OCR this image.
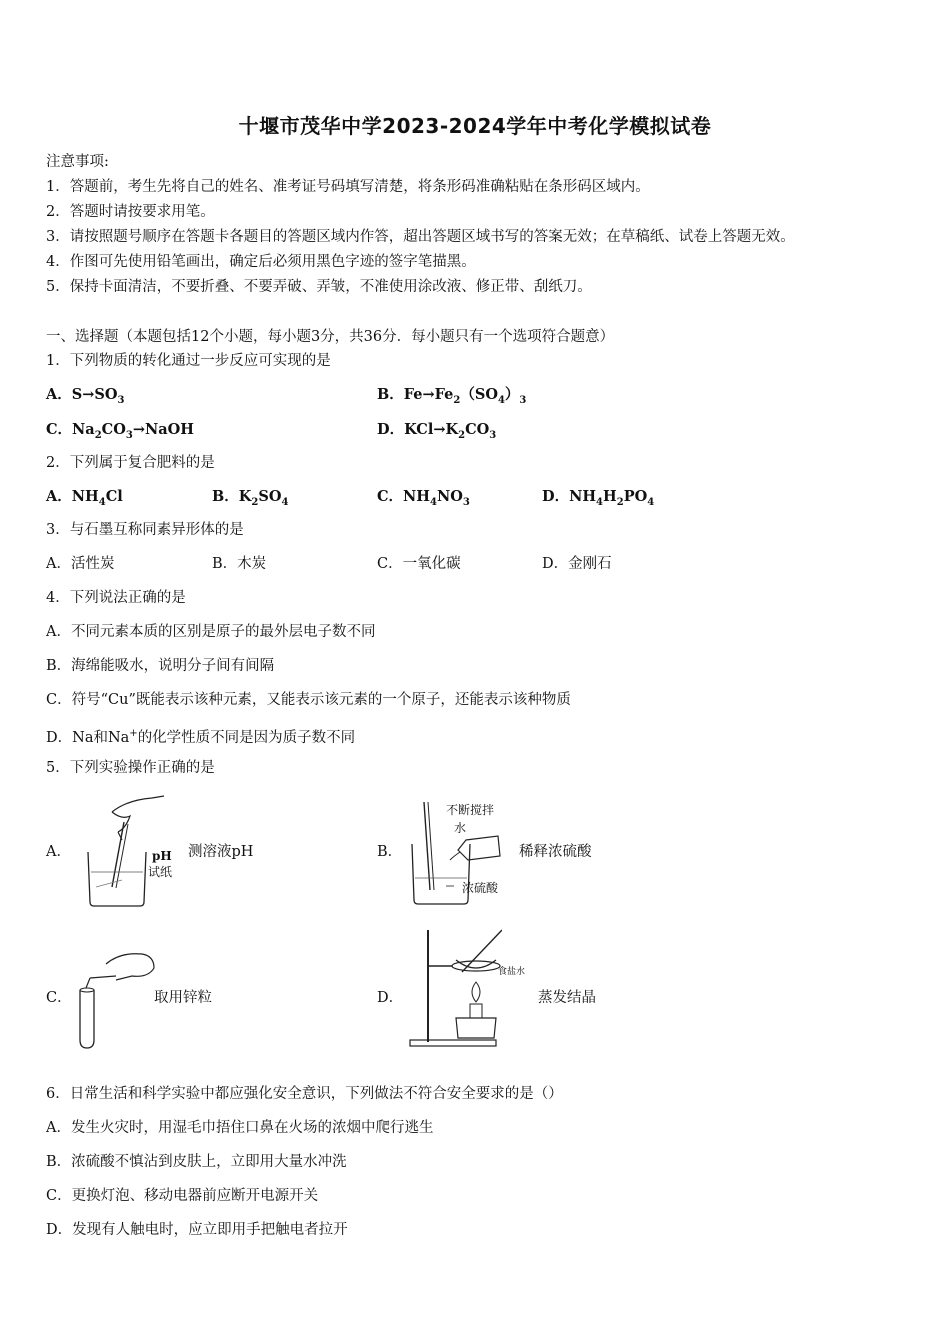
十堰市茂华中学2023-2024学年中考化学模拟试卷
注意事项:
1．答题前，考生先将自己的姓名、准考证号码填写清楚，将条形码准确粘贴在条形码区域内。
2．答题时请按要求用笔。
3．请按照题号顺序在答题卡各题目的答题区域内作答，超出答题区域书写的答案无效；在草稿纸、试卷上答题无效。
4．作图可先使用铅笔画出，确定后必须用黑色字迹的签字笔描黑。
5．保持卡面清洁，不要折叠、不要弄破、弄皱，不准使用涂改液、修正带、刮纸刀。
一、选择题（本题包括12个小题，每小题3分，共36分．每小题只有一个选项符合题意）
1．下列物质的转化通过一步反应可实现的是
A．$S\to SO_3$	B．$Fe\to Fe_2(SO_4)_3$
C．$Na_2CO_3\to NaOH$	D．$KCl\to K_2CO_3$
2．下列属于复合肥料的是
A．$NH_4Cl$	B．$K_2SO_4$	C．$NH_4NO_3$	D．$NH_4H_2PO_4$
3．与石墨互称同素异形体的是
A．活性炭	B．木炭	C．一氧化碳	D．金刚石
4．下列说法正确的是
A．不同元素本质的区别是原子的最外层电子数不同
B．海绵能吸水，说明分子间有间隔
C．符号“Cu”既能表示该种元素，又能表示该元素的一个原子，还能表示该种物质
D．Na和Na+的化学性质不同是因为质子数不同
5．下列实验操作正确的是
A．	pH
试纸
测溶液pH	B．
不断搅拌
水
浓硫酸
稀释浓硫酸
C．	取用锌粒	D．
食盐水
蒸发结晶
6．日常生活和科学实验中都应强化安全意识，下列做法不符合安全要求的是（）
A．发生火灾时，用湿毛巾捂住口鼻在火场的浓烟中爬行逃生
B．浓硫酸不慎沾到皮肤上，立即用大量水冲洗
C．更换灯泡、移动电器前应断开电源开关
D．发现有人触电时，应立即用手把触电者拉开
